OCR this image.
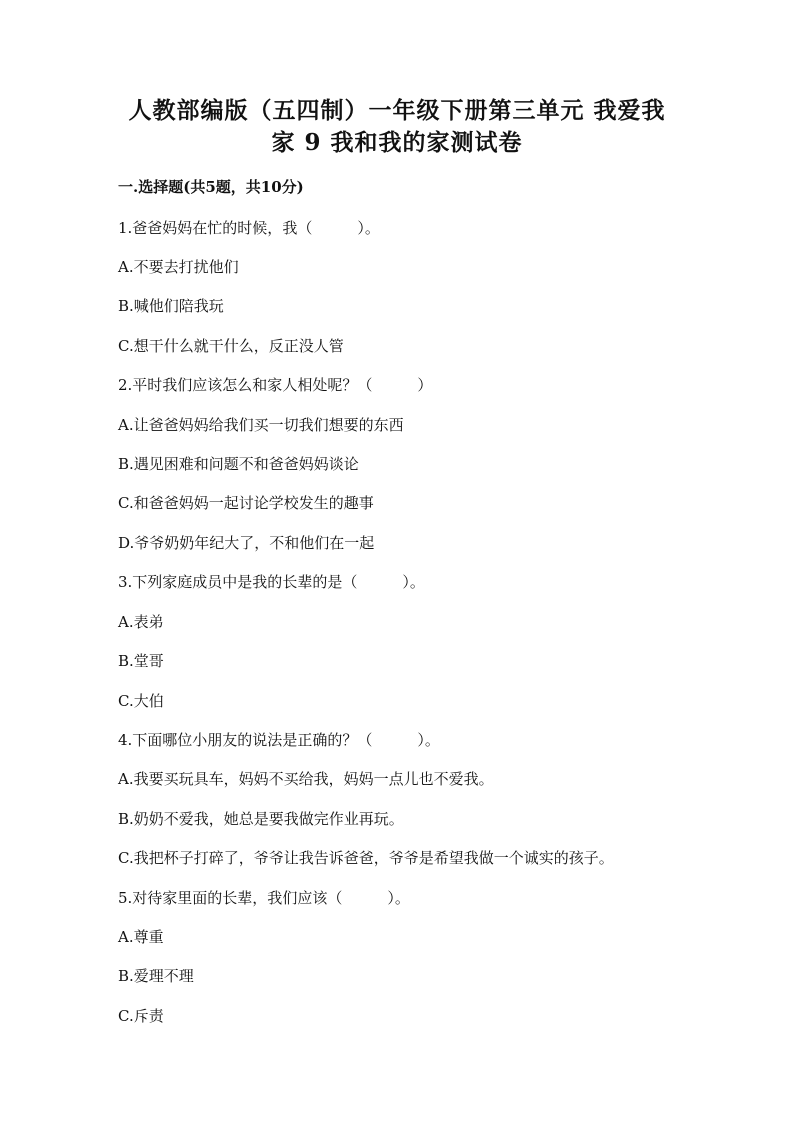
人教部编版（五四制）一年级下册第三单元 我爱我
家 9 我和我的家测试卷
一.选择题(共5题，共10分)
1.爸爸妈妈在忙的时候，我（　　　）。
A.不要去打扰他们
B.喊他们陪我玩
C.想干什么就干什么，反正没人管
2.平时我们应该怎么和家人相处呢？（　　　）
A.让爸爸妈妈给我们买一切我们想要的东西
B.遇见困难和问题不和爸爸妈妈谈论
C.和爸爸妈妈一起讨论学校发生的趣事
D.爷爷奶奶年纪大了，不和他们在一起
3.下列家庭成员中是我的长辈的是（　　　）。
A.表弟
B.堂哥
C.大伯
4.下面哪位小朋友的说法是正确的？（　　　）。
A.我要买玩具车，妈妈不买给我，妈妈一点儿也不爱我。
B.奶奶不爱我，她总是要我做完作业再玩。
C.我把杯子打碎了，爷爷让我告诉爸爸，爷爷是希望我做一个诚实的孩子。
5.对待家里面的长辈，我们应该（　　　）。
A.尊重
B.爱理不理
C.斥责
